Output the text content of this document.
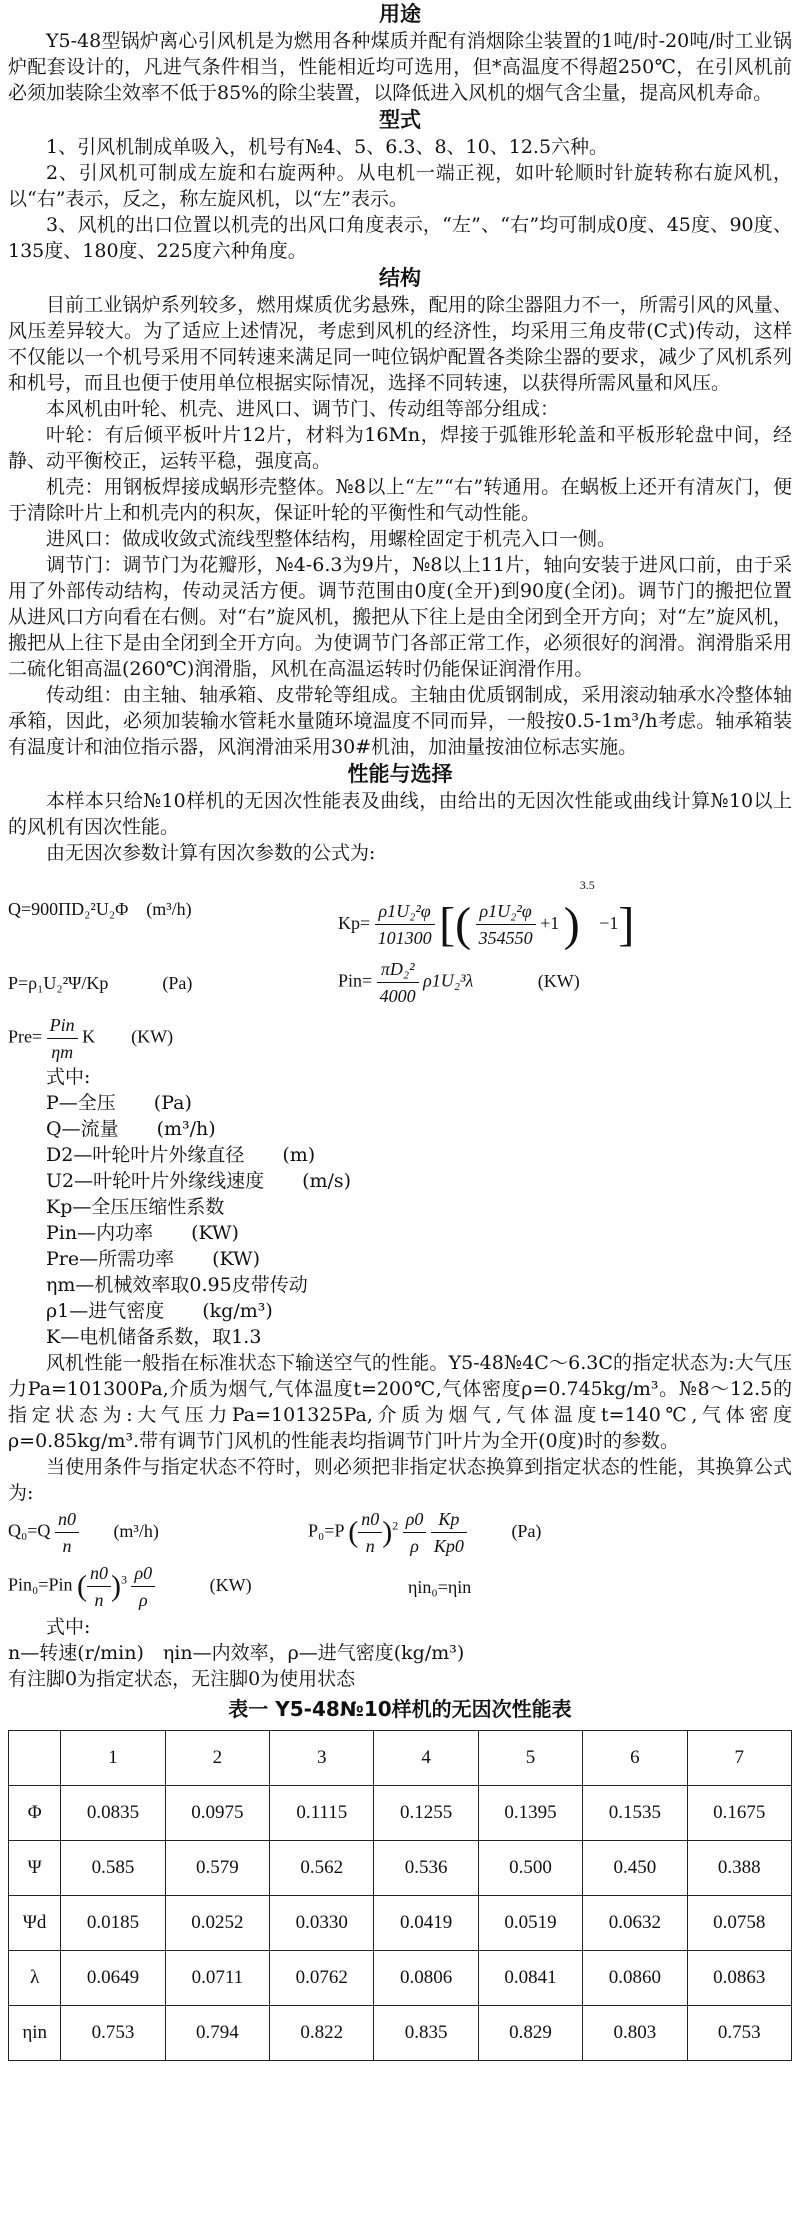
用途

Y5-48型锅炉离心引风机是为燃用各种煤质并配有消烟除尘装置的1吨/时-20吨/时工业锅炉配套设计的，凡进气条件相当，性能相近均可选用，但*高温度不得超250℃，在引风机前必须加装除尘效率不低于85%的除尘装置，以降低进入风机的烟气含尘量，提高风机寿命。

型式

1、引风机制成单吸入，机号有№4、5、6.3、8、10、12.5六种。

2、引风机可制成左旋和右旋两种。从电机一端正视，如叶轮顺时针旋转称右旋风机，以“右”表示，反之，称左旋风机，以“左”表示。

3、风机的出口位置以机壳的出风口角度表示，“左”、“右”均可制成0度、45度、90度、135度、180度、225度六种角度。

结构

目前工业锅炉系列较多，燃用煤质优劣悬殊，配用的除尘器阻力不一，所需引风的风量、风压差异较大。为了适应上述情况，考虑到风机的经济性，均采用三角皮带(C式)传动，这样不仅能以一个机号采用不同转速来满足同一吨位锅炉配置各类除尘器的要求，减少了风机系列和机号，而且也便于使用单位根据实际情况，选择不同转速，以获得所需风量和风压。

本风机由叶轮、机壳、进风口、调节门、传动组等部分组成：

叶轮：有后倾平板叶片12片，材料为16Mn，焊接于弧锥形轮盖和平板形轮盘中间，经静、动平衡校正，运转平稳，强度高。

机壳：用钢板焊接成蜗形壳整体。№8以上“左”“右”转通用。在蜗板上还开有清灰门，便于清除叶片上和机壳内的积灰，保证叶轮的平衡性和气动性能。

进风口：做成收敛式流线型整体结构，用螺栓固定于机壳入口一侧。

调节门：调节门为花瓣形，№4-6.3为9片，№8以上11片，轴向安装于进风口前，由于采用了外部传动结构，传动灵活方便。调节范围由0度(全开)到90度(全闭)。调节门的搬把位置从进风口方向看在右侧。对“右”旋风机，搬把从下往上是由全闭到全开方向；对“左”旋风机，搬把从上往下是由全闭到全开方向。为使调节门各部正常工作，必须很好的润滑。润滑脂采用二硫化钼高温(260℃)润滑脂，风机在高温运转时仍能保证润滑作用。

传动组：由主轴、轴承箱、皮带轮等组成。主轴由优质钢制成，采用滚动轴承水冷整体轴承箱，因此，必须加装输水管耗水量随环境温度不同而异，一般按0.5-1m³/h考虑。轴承箱装有温度计和油位指示器，风润滑油采用30#机油，加油量按油位标志实施。

性能与选择

本样本只给№10样机的无因次性能表及曲线，由给出的无因次性能或曲线计算№10以上的风机有因次性能。

由无因次参数计算有因次参数的公式为:

Q=900ΠD₂²U₂Φ　(m³/h)
$Kp= \frac{\text{ρ1U₂²φ}}{101300}$ [( $\frac{\text{ρ1U₂²φ}}{354550} +1$ )$^{3.5}$ −1]
P=ρ₁U₂²Ψ/Kp　　　(Pa)	$Pin= \frac{\text{πD₂²}}{4000} \rho 1U_2^3\lambda$	(KW)
$Pre= \frac{\text{Pin}}{\eta m}$ K　　(KW)

式中:

P—全压　　(Pa)

Q—流量　　(m³/h)

D2—叶轮叶片外缘直径　　(m)

U2—叶轮叶片外缘线速度　　(m/s)

Kp—全压压缩性系数

Pin—内功率　　(KW)

Pre—所需功率　　(KW)

ηm—机械效率取0.95皮带传动

ρ1—进气密度　　(kg/m³)

K—电机储备系数，取1.3

风机性能一般指在标准状态下输送空气的性能。Y5-48№4C～6.3C的指定状态为:大气压力Pa=101300Pa,介质为烟气,气体温度t=200℃,气体密度ρ=0.745kg/m³。№8～12.5的指定状态为:大气压力Pa=101325Pa,介质为烟气,气体温度t=140℃,气体密度ρ=0.85kg/m³.带有调节门风机的性能表均指调节门叶片为全开(0度)时的参数。

当使用条件与指定状态不符时，则必须把非指定状态换算到指定状态的性能，其换算公式为:

$Q_0=Q \frac{n0}{n} (m^3/h)$	P₀=P ( $\frac{n0}{n} )^2 \frac{\rho 0}{\rho}$
$\frac{Kp}{Kp0} (Pa)$
Pin₀=Pin ( $\frac{n0}{n} )^3 \frac{\rho 0}{\rho}$	(KW)	ηin₀=ηin

式中:

n—转速(r/min)　ηin—内效率，ρ—进气密度(kg/m³)

有注脚0为指定状态，无注脚0为使用状态

表一 Y5-48№10样机的无因次性能表
	1	2	3	4	5	6	7
Φ	0.0835	0.0975	0.1115	0.1255	0.1395	0.1535	0.1675
Ψ	0.585	0.579	0.562	0.536	0.500	0.450	0.388
Ψd	0.0185	0.0252	0.0330	0.0419	0.0519	0.0632	0.0758
λ	0.0649	0.0711	0.0762	0.0806	0.0841	0.0860	0.0863
ηin	0.753	0.794	0.822	0.835	0.829	0.803	0.753
